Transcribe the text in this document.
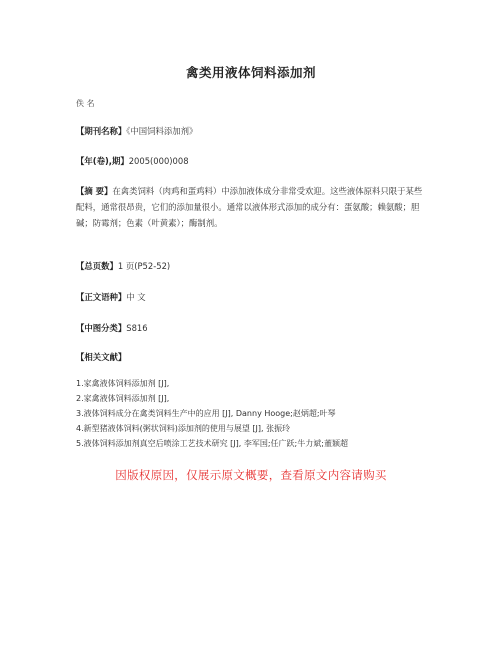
禽类用液体饲料添加剂
佚 名
【期刊名称】《中国饲料添加剂》
【年(卷),期】2005(000)008
【摘 要】在禽类饲料（肉鸡和蛋鸡料）中添加液体成分非常受欢迎。这些液体原料只限于某些配料，通常很昂贵，它们的添加量很小。通常以液体形式添加的成分有：蛋氨酸；赖氨酸；胆碱；防霉剂；色素（叶黄素）；酶制剂。
【总页数】1 页(P52-52)
【正文语种】中 文
【中图分类】S816
【相关文献】
1.家禽液体饲料添加剂 [J],
2.家禽液体饲料添加剂 [J],
3.液体饲料成分在禽类饲料生产中的应用 [J], Danny Hooge;赵炳超;叶琴
4.新型猪液体饲料(粥状饲料)添加剂的使用与展望 [J], 张振玲
5.液体饲料添加剂真空后喷涂工艺技术研究 [J], 李军国;任广跃;牛力斌;董颖超
因版权原因，仅展示原文概要，查看原文内容请购买
